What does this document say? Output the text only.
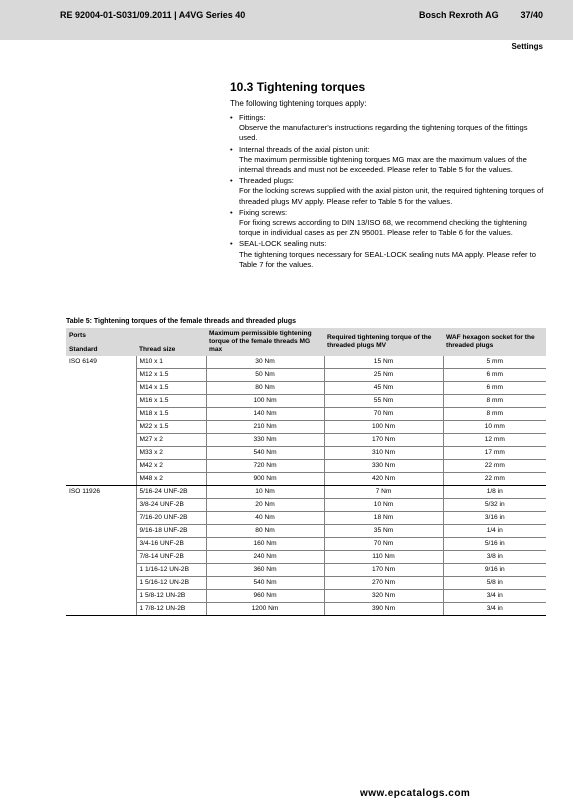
RE 92004-01-S031/09.2011 | A4VG Series 40	Bosch Rexroth AG 37/40
Settings
10.3 Tightening torques
The following tightening torques apply:
• Fittings:
Observe the manufacturer's instructions regarding the tightening torques of the fittings used.
• Internal threads of the axial piston unit:
The maximum permissible tightening torques MG max are the maximum values of the internal threads and must not be exceeded. Please refer to Table 5 for the values.
• Threaded plugs:
For the locking screws supplied with the axial piston unit, the required tightening torques of threaded plugs MV apply. Please refer to Table 5 for the values.
• Fixing screws:
For fixing screws according to DIN 13/ISO 68, we recommend checking the tightening torque in individual cases as per ZN 95001. Please refer to Table 6 for the values.
• SEAL-LOCK sealing nuts:
The tightening torques necessary for SEAL-LOCK sealing nuts MA apply. Please refer to Table 7 for the values.
Table 5: Tightening torques of the female threads and threaded plugs
Ports		Maximum permissible tightening torque of the female threads MG max	Required tightening torque of the threaded plugs MV	WAF hexagon socket for the threaded plugs
Standard	Thread size			
ISO 6149	M10 x 1	30 Nm	15 Nm	5 mm
	M12 x 1.5	50 Nm	25 Nm	6 mm
	M14 x 1.5	80 Nm	45 Nm	6 mm
	M16 x 1.5	100 Nm	55 Nm	8 mm
	M18 x 1.5	140 Nm	70 Nm	8 mm
	M22 x 1.5	210 Nm	100 Nm	10 mm
	M27 x 2	330 Nm	170 Nm	12 mm
	M33 x 2	540 Nm	310 Nm	17 mm
	M42 x 2	720 Nm	330 Nm	22 mm
	M48 x 2	900 Nm	420 Nm	22 mm
ISO 11926	5/16-24 UNF-2B	10 Nm	7 Nm	1/8 in
	3/8-24 UNF-2B	20 Nm	10 Nm	5/32 in
	7/16-20 UNF-2B	40 Nm	18 Nm	3/16 in
	9/16-18 UNF-2B	80 Nm	35 Nm	1/4 in
	3/4-16 UNF-2B	160 Nm	70 Nm	5/16 in
	7/8-14 UNF-2B	240 Nm	110 Nm	3/8 in
	1 1/16-12 UN-2B	360 Nm	170 Nm	9/16 in
	1 5/16-12 UN-2B	540 Nm	270 Nm	5/8 in
	1 5/8-12 UN-2B	960 Nm	320 Nm	3/4 in
	1 7/8-12 UN-2B	1200 Nm	390 Nm	3/4 in
www.epcatalogs.com
